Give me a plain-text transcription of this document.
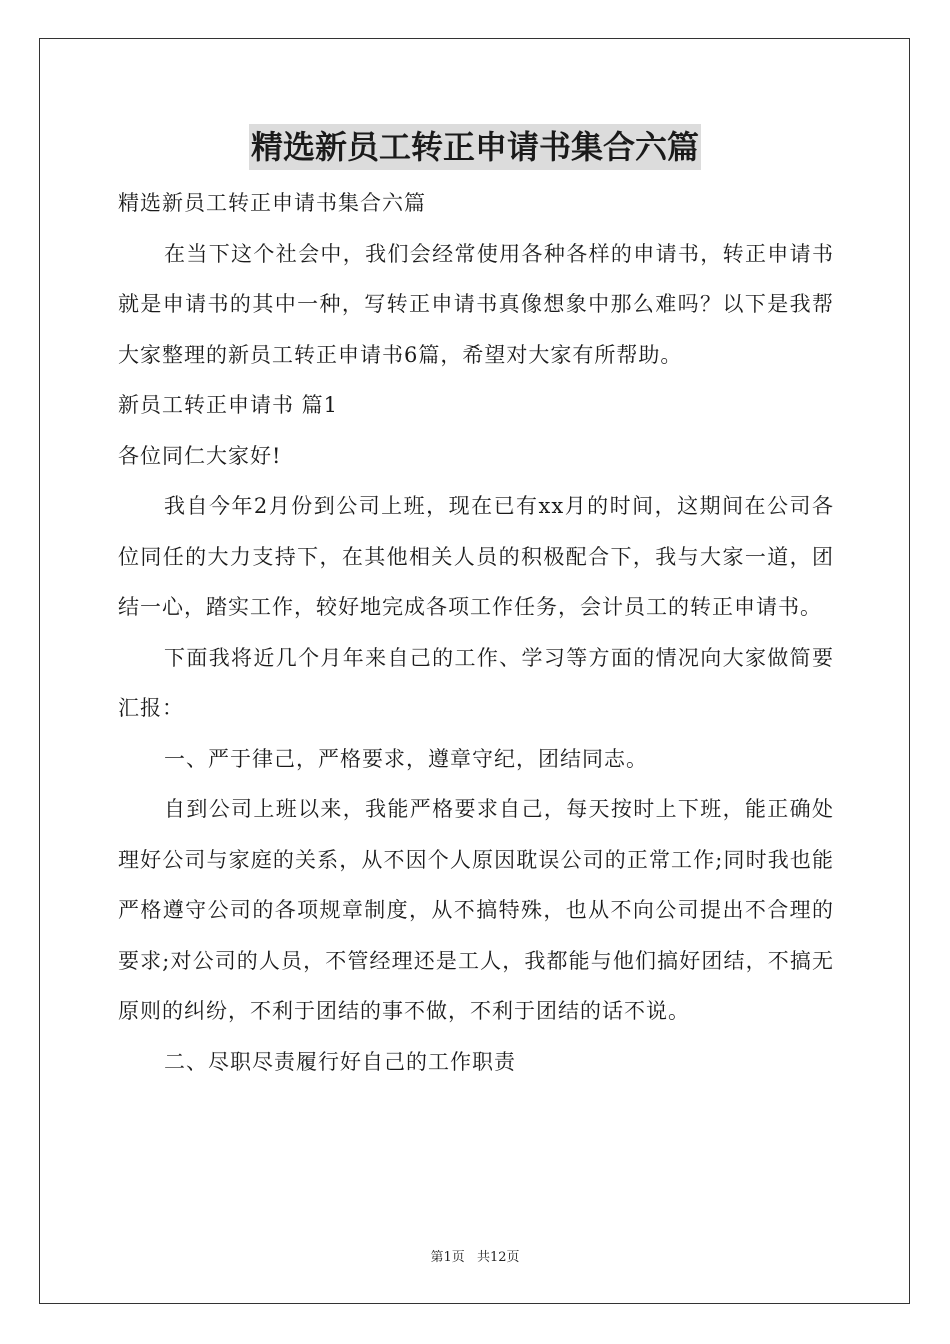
精选新员工转正申请书集合六篇

精选新员工转正申请书集合六篇

在当下这个社会中，我们会经常使用各种各样的申请书，转正申请书就是申请书的其中一种，写转正申请书真像想象中那么难吗？以下是我帮大家整理的新员工转正申请书6篇，希望对大家有所帮助。

新员工转正申请书 篇1

各位同仁大家好!

我自今年2月份到公司上班，现在已有xx月的时间，这期间在公司各位同任的大力支持下，在其他相关人员的积极配合下，我与大家一道，团结一心，踏实工作，较好地完成各项工作任务，会计员工的转正申请书。

下面我将近几个月年来自己的工作、学习等方面的情况向大家做简要汇报：

一、严于律己，严格要求，遵章守纪，团结同志。

自到公司上班以来，我能严格要求自己，每天按时上下班，能正确处理好公司与家庭的关系，从不因个人原因耽误公司的正常工作;同时我也能严格遵守公司的各项规章制度，从不搞特殊，也从不向公司提出不合理的要求;对公司的人员，不管经理还是工人，我都能与他们搞好团结，不搞无原则的纠纷，不利于团结的事不做，不利于团结的话不说。

二、尽职尽责履行好自己的工作职责

第1页 共12页
